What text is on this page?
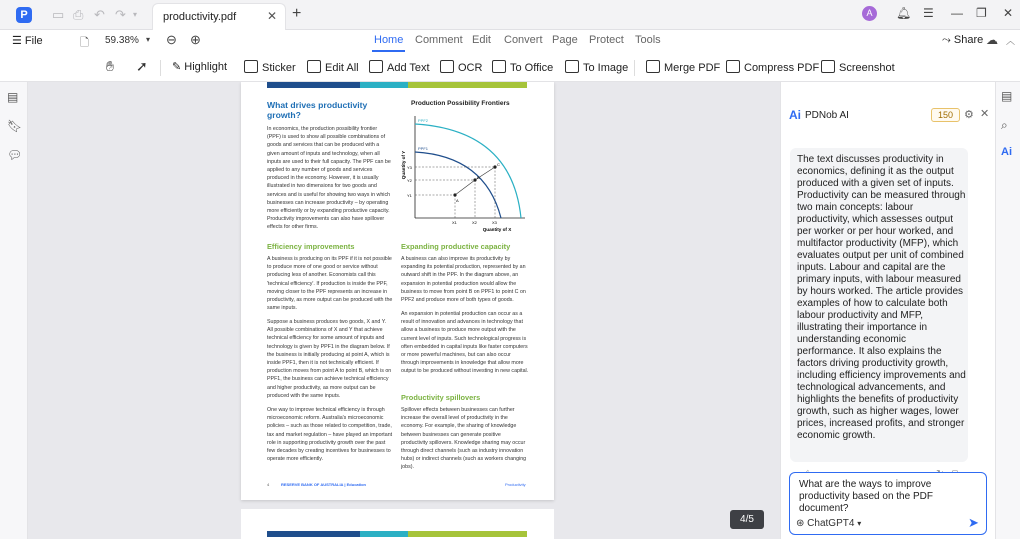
P	▭ ⎙ ↶ ↷ ▾ productivity.pdf	✕ +	A	🔔︎ ☰ — ❐ ✕
☰ File	🗋 59.38% ▾ ⊖ ⊕	Home Comment Edit Convert Page Protect Tools	⤳ Share ☁ ︿
✋︎ ➚ ✎ Highlight	Sticker	Edit All	Add Text	OCR	To Office	To Image	Merge PDF	Compress PDF	Screenshot
▤
🔖︎
💬︎
What drives productivity growth?
In economics, the production possibility frontier (PPF) is used to show all possible combinations of goods and services that can be produced with a given amount of inputs and technology, when all inputs are used to their full capacity. The PPF can be applied to any number of goods and services produced in the economy. However, it is usually illustrated in two dimensions for two goods and services and is useful for showing two ways in which businesses can increase productivity – by operating more efficiently or by expanding productive capacity. Productivity improvements can also have spillover effects for other firms.
Production Possibility Frontiers
Quantity of Y
Quantity of X
PPF2
PPF1
Y3
Y2
Y1
X1	X2	X3
A
B
C
Efficiency improvements
A business is producing on its PPF if it is not possible to produce more of one good or service without producing less of another. Economists call this 'technical efficiency'. If production is inside the PPF, moving closer to the PPF represents an increase in productivity, as more output can be produced with the same inputs.
Suppose a business produces two goods, X and Y. All possible combinations of X and Y that achieve technical efficiency for some amount of inputs and technology is given by PPF1 in the diagram below. If the business is initially producing at point A, which is inside PPF1, then it is not technically efficient. If production moves from point A to point B, which is on PPF1, the business can achieve technical efficiency and higher productivity, as more output can be produced with the same inputs.
One way to improve technical efficiency is through microeconomic reform. Australia's microeconomic policies – such as those related to competition, trade, tax and market regulation – have played an important role in supporting productivity growth over the past few decades by creating incentives for businesses to operate more efficiently.
Expanding productive capacity
A business can also improve its productivity by expanding its potential production, represented by an outward shift in the PPF. In the diagram above, an expansion in potential production would allow the business to move from point B on PPF1 to point C on PPF2 and produce more of both types of goods.
An expansion in potential production can occur as a result of innovation and advances in technology that allow a business to produce more output with the current level of inputs. Such technological progress is often embedded in capital inputs like faster computers or more powerful machines, but can also occur through improvements in knowledge that allow more output to be produced without investing in new capital.
Productivity spillovers
Spillover effects between businesses can further increase the overall level of productivity in the economy. For example, the sharing of knowledge between businesses can generate positive productivity spillovers. Knowledge sharing may occur through direct channels (such as industry innovation hubs) or indirect channels (such as workers changing jobs).
4	RESERVE BANK OF AUSTRALIA | Education	Productivity
4/5
Ai PDNob AI	150 ⚙ ✕
The text discusses productivity in economics, defining it as the output produced with a given set of inputs. Productivity can be measured through two main concepts: labour productivity, which assesses output per worker or per hour worked, and multifactor productivity (MFP), which evaluates output per unit of combined inputs. Labour and capital are the primary inputs, with labour measured by hours worked. The article provides examples of how to calculate both labour productivity and MFP, illustrating their importance in understanding economic performance. It also explains the factors driving productivity growth, including efficiency improvements and technological advancements, and highlights the benefits of productivity growth, such as higher wages, lower prices, increased profits, and stronger economic growth.
What are the ways to improve productivity based on the PDF document?
⊛ ChatGPT4 ▾	➤
▤
⌕
Ai
